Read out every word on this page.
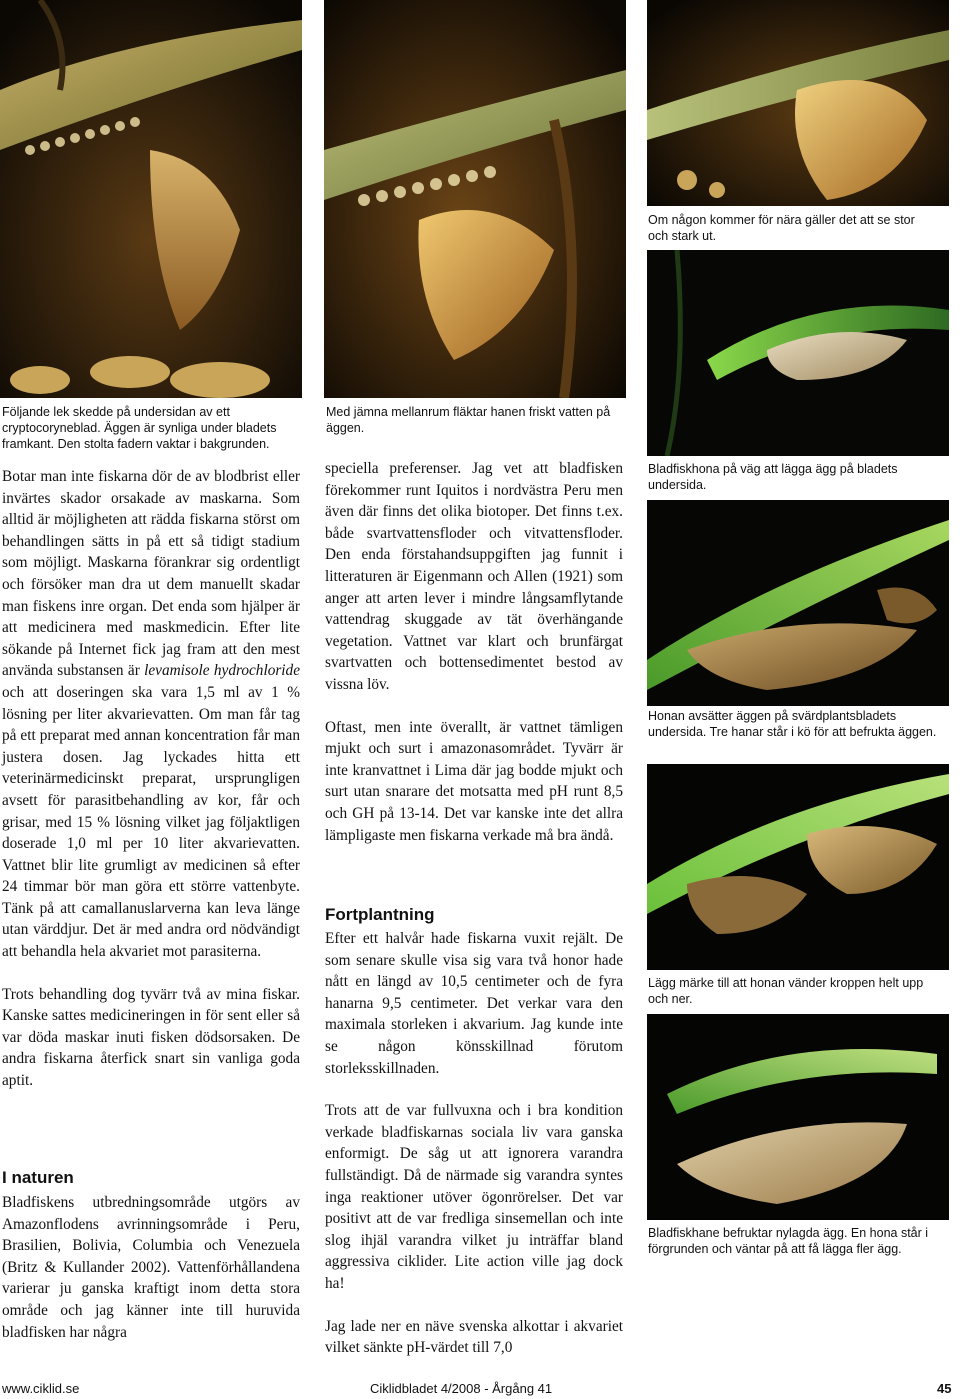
Följande lek skedde på undersidan av ett cryptocoryneblad. Äggen är synliga under bladets framkant. Den stolta fadern vaktar i bakgrunden.
Med jämna mellanrum fläktar hanen friskt vatten på äggen.
Om någon kommer för nära gäller det att se stor och stark ut.
Bladfiskhona på väg att lägga ägg på bladets undersida.
Honan avsätter äggen på svärdplantsbladets undersida. Tre hanar står i kö för att befrukta äggen.
Lägg märke till att honan vänder kroppen helt upp och ner.
Bladfiskhane befruktar nylagda ägg. En hona står i förgrunden och väntar på att få lägga fler ägg.

Botar man inte fiskarna dör de av blodbrist eller invärtes skador orsakade av maskarna. Som alltid är möjligheten att rädda fiskarna störst om behandlingen sätts in på ett så tidigt stadium som möjligt. Maskarna förankrar sig ordentligt och försöker man dra ut dem manuellt skadar man fiskens inre organ. Det enda som hjälper är att medicinera med maskmedicin. Efter lite sökande på Internet fick jag fram att den mest använda substansen är levamisole hydrochloride och att doseringen ska vara 1,5 ml av 1 % lösning per liter akvarievatten. Om man får tag på ett preparat med annan koncentration får man justera dosen. Jag lyckades hitta ett veterinärmedicinskt preparat, ursprungligen avsett för parasitbehandling av kor, får och grisar, med 15 % lösning vilket jag följaktligen doserade 1,0 ml per 10 liter akvarievatten. Vattnet blir lite grumligt av medicinen så efter 24 timmar bör man göra ett större vattenbyte. Tänk på att camallanuslarverna kan leva länge utan värddjur. Det är med andra ord nödvändigt att behandla hela akvariet mot parasiterna.

Trots behandling dog tyvärr två av mina fiskar. Kanske sattes medicineringen in för sent eller så var döda maskar inuti fisken dödsorsaken. De andra fiskarna återfick snart sin vanliga goda aptit.

I naturen
Bladfiskens utbredningsområde utgörs av Amazonflodens avrinningsområde i Peru, Brasilien, Bolivia, Columbia och Venezuela (Britz & Kullander 2002). Vattenförhållandena varierar ju ganska kraftigt inom detta stora område och jag känner inte till huruvida bladfisken har några

speciella preferenser. Jag vet att bladfisken förekommer runt Iquitos i nordvästra Peru men även där finns det olika biotoper. Det finns t.ex. både svartvattensfloder och vitvattensfloder. Den enda förstahandsuppgiften jag funnit i litteraturen är Eigenmann och Allen (1921) som anger att arten lever i mindre långsamflytande vattendrag skuggade av tät överhängande vegetation. Vattnet var klart och brunfärgat svartvatten och bottensedimentet bestod av vissna löv.

Oftast, men inte överallt, är vattnet tämligen mjukt och surt i amazonasområdet. Tyvärr är inte kranvattnet i Lima där jag bodde mjukt och surt utan snarare det motsatta med pH runt 8,5 och GH på 13-14. Det var kanske inte det allra lämpligaste men fiskarna verkade må bra ändå.

Fortplantning

Efter ett halvår hade fiskarna vuxit rejält. De som senare skulle visa sig vara två honor hade nått en längd av 10,5 centimeter och de fyra hanarna 9,5 centimeter. Det verkar vara den maximala storleken i akvarium. Jag kunde inte se någon könsskillnad förutom storleksskillnaden.

Trots att de var fullvuxna och i bra kondition verkade bladfiskarnas sociala liv vara ganska enformigt. De såg ut att ignorera varandra fullständigt. Då de närmade sig varandra syntes inga reaktioner utöver ögonrörelser. Det var positivt att de var fredliga sinsemellan och inte slog ihjäl varandra vilket ju inträffar bland aggressiva ciklider. Lite action ville jag dock ha!

Jag lade ner en näve svenska alkottar i akvariet vilket sänkte pH-värdet till 7,0

www.ciklid.se	Ciklidbladet 4/2008 - Årgång 41	45
